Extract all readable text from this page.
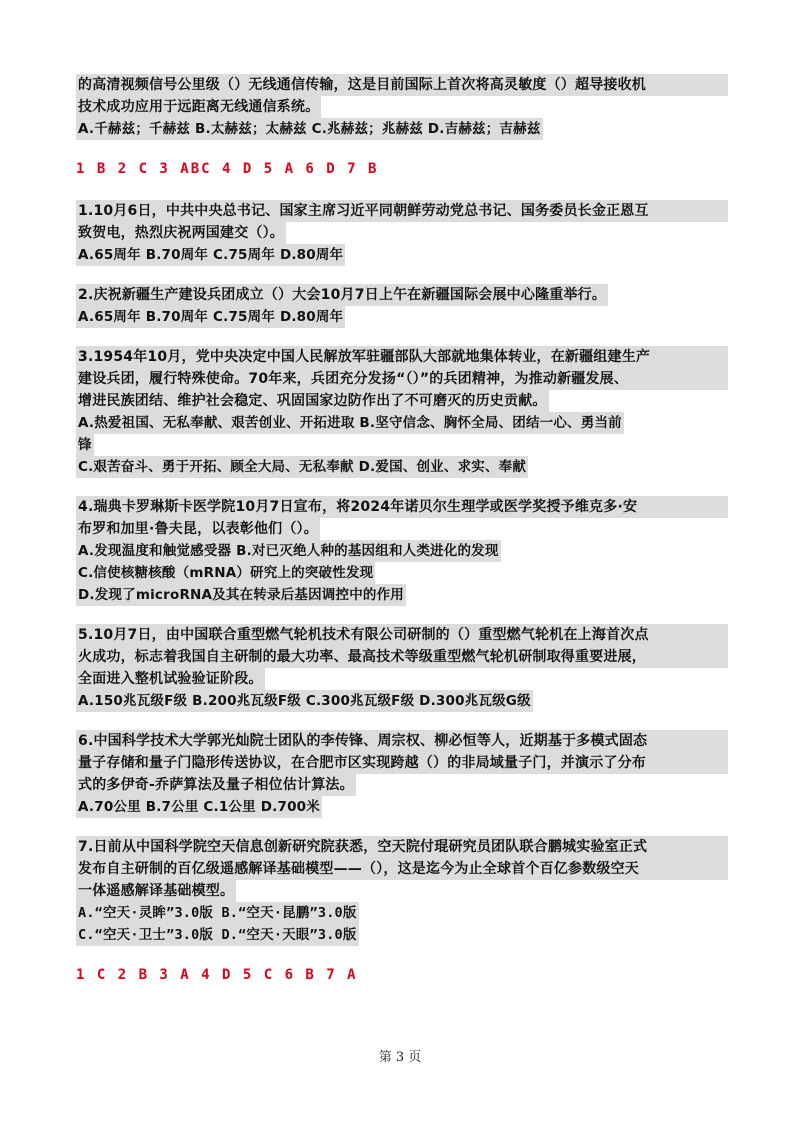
的高清视频信号公里级（）无线通信传输，这是目前国际上首次将高灵敏度（）超导接收机
技术成功应用于远距离无线通信系统。
A.千赫兹；千赫兹 B.太赫兹；太赫兹 C.兆赫兹；兆赫兹 D.吉赫兹；吉赫兹
1 B 2 C 3 ABC 4 D 5 A 6 D 7 B
1.10月6日，中共中央总书记、国家主席习近平同朝鲜劳动党总书记、国务委员长金正恩互
致贺电，热烈庆祝两国建交（）。
A.65周年 B.70周年 C.75周年 D.80周年
2.庆祝新疆生产建设兵团成立（）大会10月7日上午在新疆国际会展中心隆重举行。
A.65周年 B.70周年 C.75周年 D.80周年
3.1954年10月，党中央决定中国人民解放军驻疆部队大部就地集体转业，在新疆组建生产
建设兵团，履行特殊使命。70年来，兵团充分发扬“（）”的兵团精神，为推动新疆发展、
增进民族团结、维护社会稳定、巩固国家边防作出了不可磨灭的历史贡献。
A.热爱祖国、无私奉献、艰苦创业、开拓进取 B.坚守信念、胸怀全局、团结一心、勇当前
锋
C.艰苦奋斗、勇于开拓、顾全大局、无私奉献 D.爱国、创业、求实、奉献
4.瑞典卡罗琳斯卡医学院10月7日宣布，将2024年诺贝尔生理学或医学奖授予维克多·安
布罗和加里·鲁夫昆，以表彰他们（）。
A.发现温度和触觉感受器 B.对已灭绝人种的基因组和人类进化的发现
C.信使核糖核酸（mRNA）研究上的突破性发现
D.发现了microRNA及其在转录后基因调控中的作用
5.10月7日，由中国联合重型燃气轮机技术有限公司研制的（）重型燃气轮机在上海首次点
火成功，标志着我国自主研制的最大功率、最高技术等级重型燃气轮机研制取得重要进展，
全面进入整机试验验证阶段。
A.150兆瓦级F级 B.200兆瓦级F级 C.300兆瓦级F级 D.300兆瓦级G级
6.中国科学技术大学郭光灿院士团队的李传锋、周宗权、柳必恒等人，近期基于多模式固态
量子存储和量子门隐形传送协议，在合肥市区实现跨越（）的非局域量子门，并演示了分布
式的多伊奇-乔萨算法及量子相位估计算法。
A.70公里 B.7公里 C.1公里 D.700米
7.日前从中国科学院空天信息创新研究院获悉，空天院付琨研究员团队联合鹏城实验室正式
发布自主研制的百亿级遥感解译基础模型——（），这是迄今为止全球首个百亿参数级空天
一体遥感解译基础模型。
A.“空天·灵眸”3.0版 B.“空天·昆鹏”3.0版
C.“空天·卫士”3.0版 D.“空天·天眼”3.0版
1 C 2 B 3 A 4 D 5 C 6 B 7 A
第 3 页
